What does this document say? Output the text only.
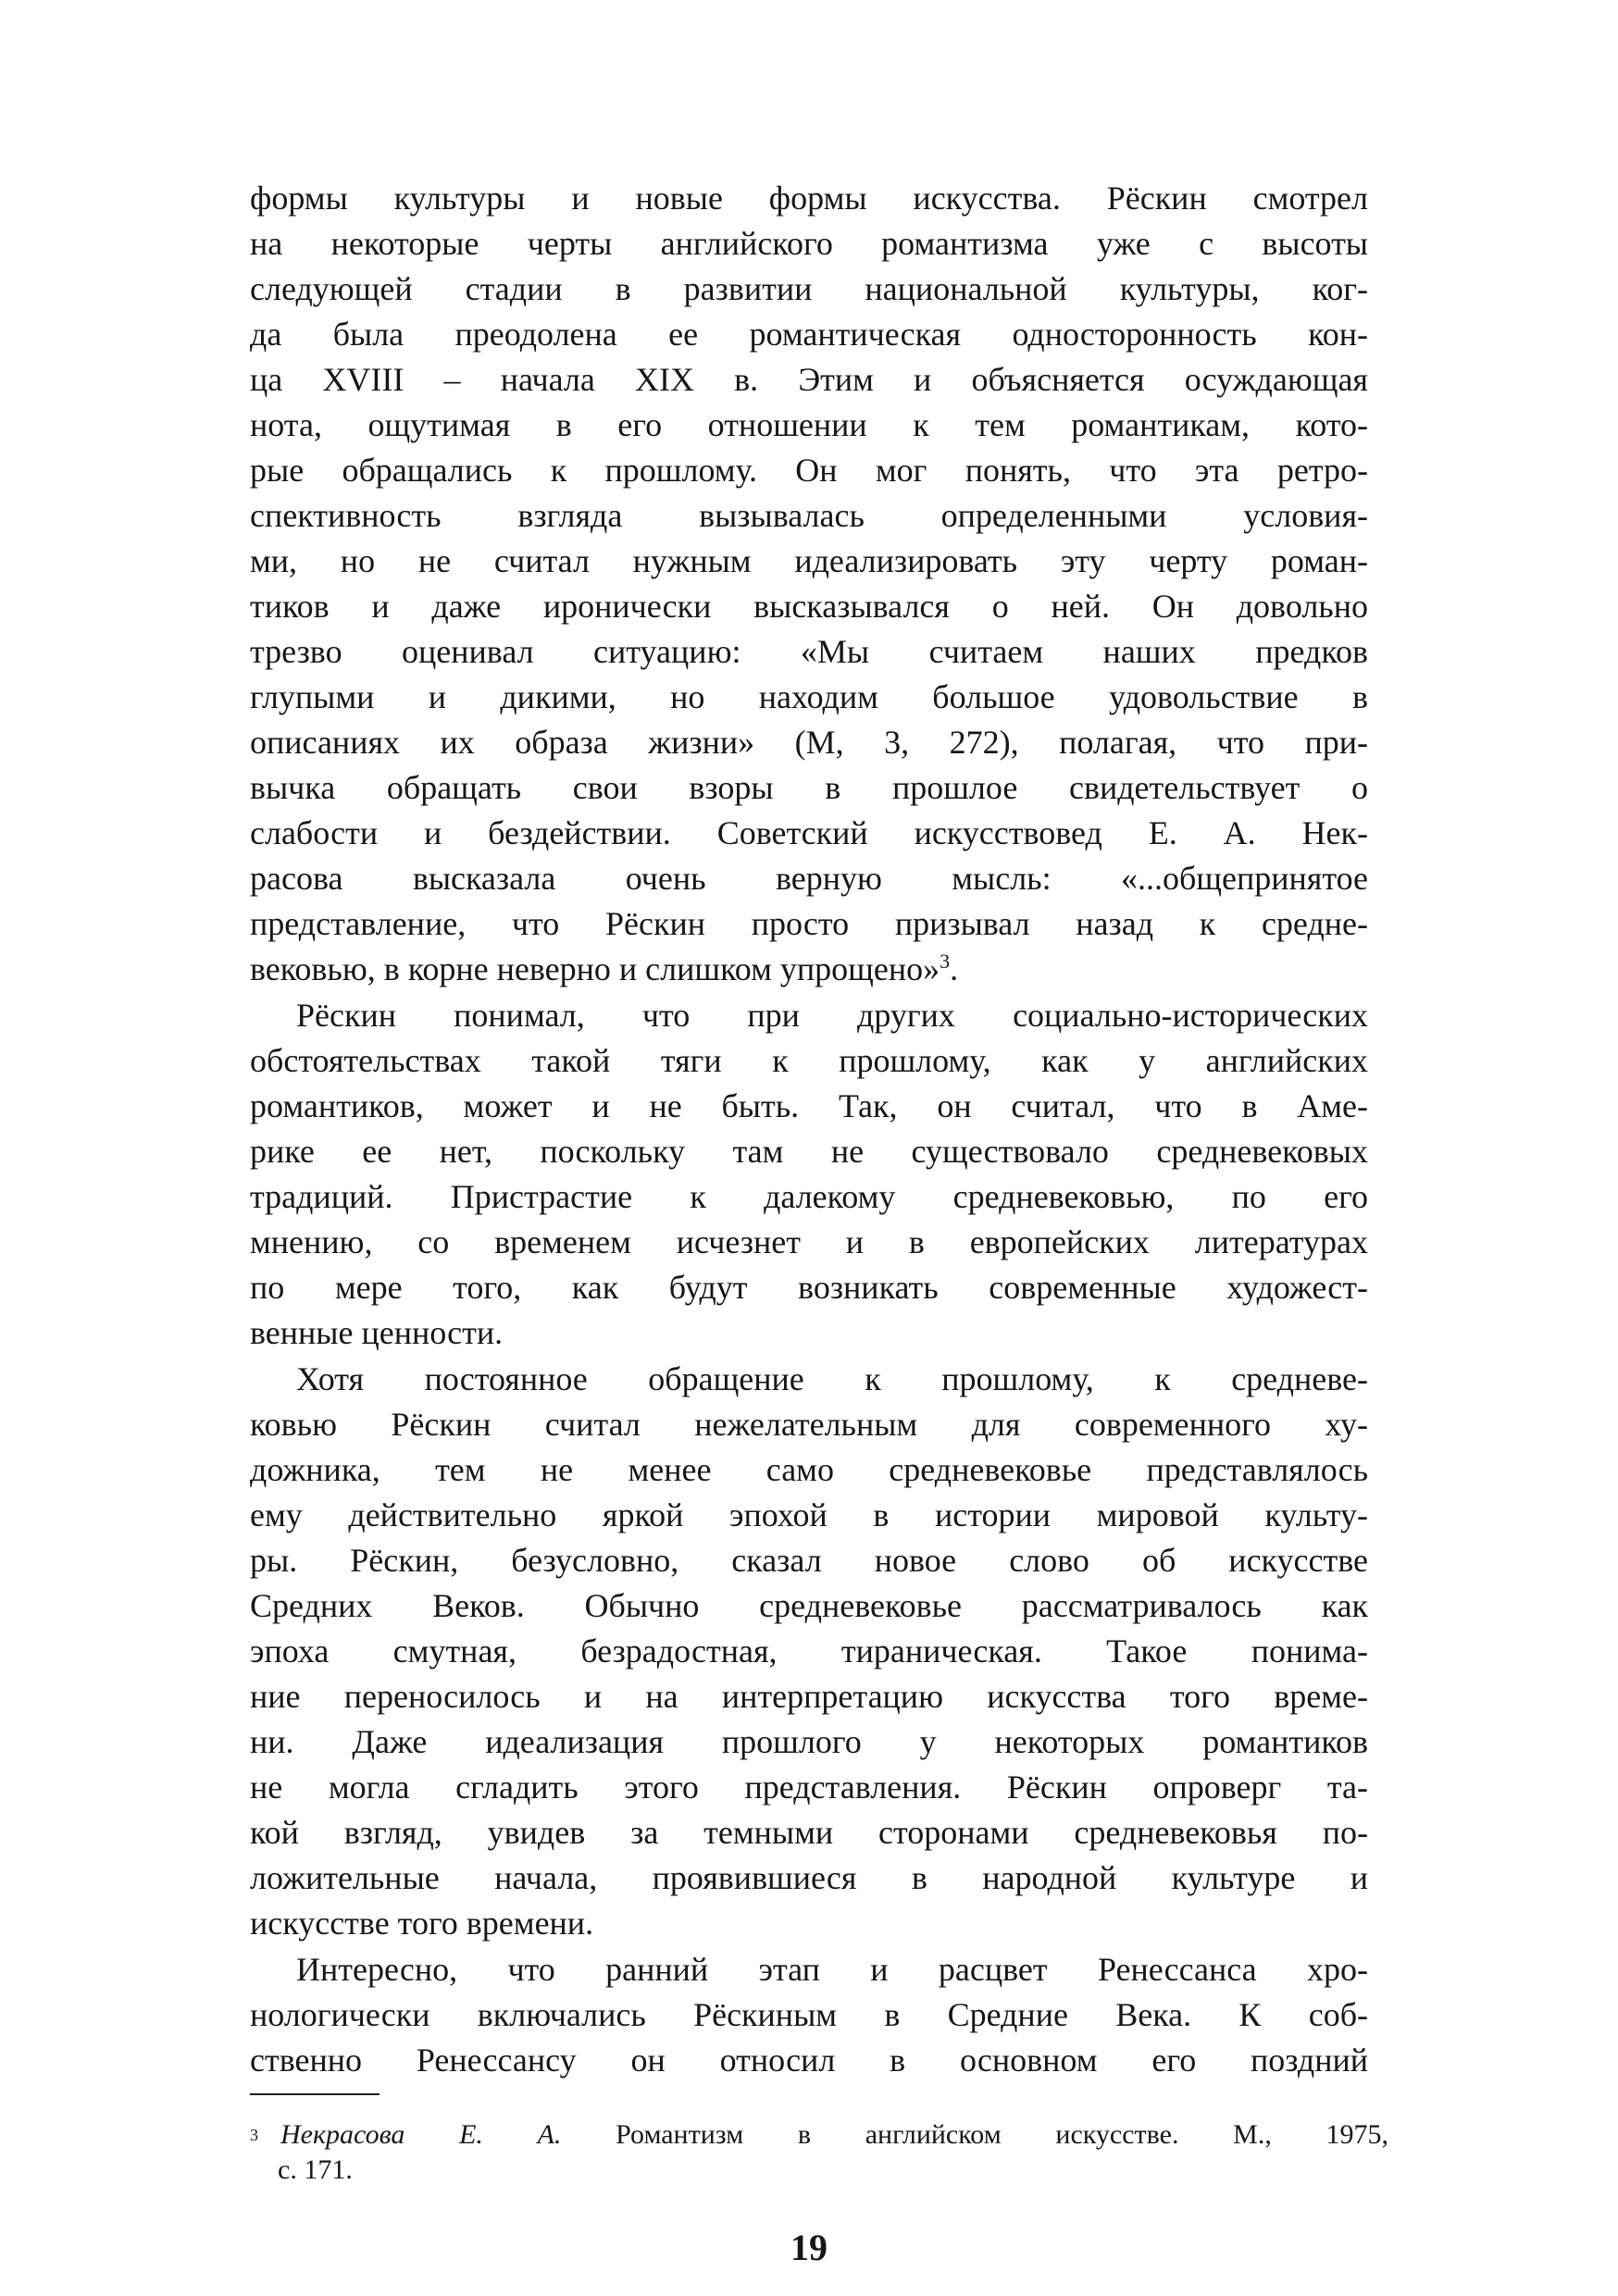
формы культуры и новые формы искусства. Рёскин смотрел
на некоторые черты английского романтизма уже с высоты
следующей стадии в развитии национальной культуры, ког-
да была преодолена ее романтическая односторонность кон-
ца XVIII – начала XIX в. Этим и объясняется осуждающая
нота, ощутимая в его отношении к тем романтикам, кото-
рые обращались к прошлому. Он мог понять, что эта ретро-
спективность взгляда вызывалась определенными условия-
ми, но не считал нужным идеализировать эту черту роман-
тиков и даже иронически высказывался о ней. Он довольно
трезво оценивал ситуацию: «Мы считаем наших предков
глупыми и дикими, но находим большое удовольствие в
описаниях их образа жизни» (М, 3, 272), полагая, что при-
вычка обращать свои взоры в прошлое свидетельствует о
слабости и бездействии. Советский искусствовед Е. А. Нек-
расова высказала очень верную мысль: «...общепринятое
представление, что Рёскин просто призывал назад к средне-
вековью, в корне неверно и слишком упрощено»$^3$.
Рёскин понимал, что при других социально-исторических
обстоятельствах такой тяги к прошлому, как у английских
романтиков, может и не быть. Так, он считал, что в Аме-
рике ее нет, поскольку там не существовало средневековых
традиций. Пристрастие к далекому средневековью, по его
мнению, со временем исчезнет и в европейских литературах
по мере того, как будут возникать современные художест-
венные ценности.
Хотя постоянное обращение к прошлому, к средневе-
ковью Рёскин считал нежелательным для современного ху-
дожника, тем не менее само средневековье представлялось
ему действительно яркой эпохой в истории мировой культу-
ры. Рёскин, безусловно, сказал новое слово об искусстве
Средних Веков. Обычно средневековье рассматривалось как
эпоха смутная, безрадостная, тираническая. Такое понима-
ние переносилось и на интерпретацию искусства того време-
ни. Даже идеализация прошлого у некоторых романтиков
не могла сгладить этого представления. Рёскин опроверг та-
кой взгляд, увидев за темными сторонами средневековья по-
ложительные начала, проявившиеся в народной культуре и
искусстве того времени.
Интересно, что ранний этап и расцвет Ренессанса хро-
нологически включались Рёскиным в Средние Века. К соб-
ственно Ренессансу он относил в основном его поздний
$^3$ Некрасова Е. А. Романтизм в английском искусстве. М., 1975,
с. 171.
19
